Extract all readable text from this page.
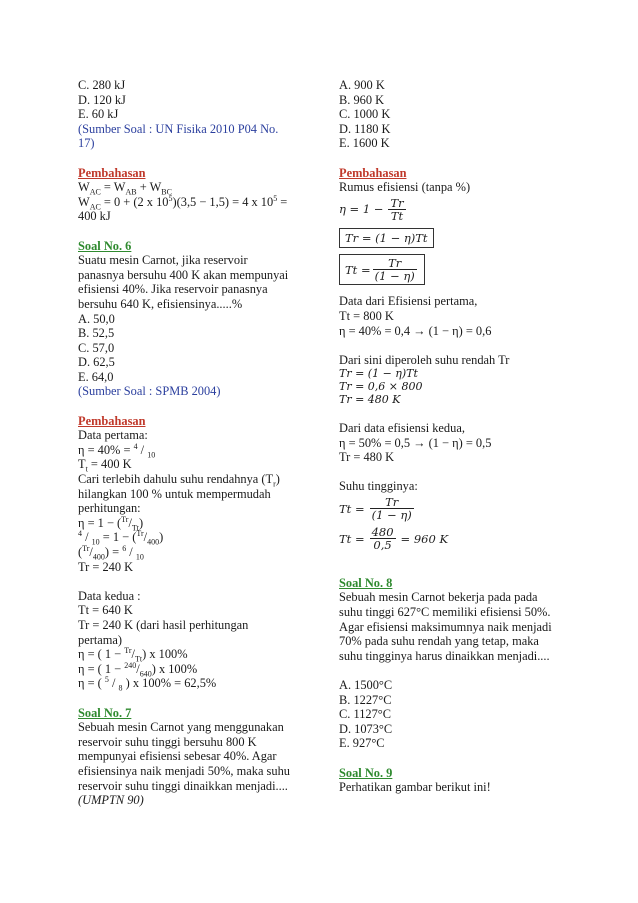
C. 280 kJ
D. 120 kJ
E. 60 kJ
(Sumber Soal : UN Fisika 2010 P04 No.
17)
Pembahasan
$W_{AC} = W_{AB} + W_{BC}$
$W_{AC} = 0 + (2$ x $10^5)(3,5 - 1,5) = 4$ x $10^5$ =
400 kJ
Soal No. 6
Suatu mesin Carnot, jika reservoir
panasnya bersuhu 400 K akan mempunyai
efisiensi 40%. Jika reservoir panasnya
bersuhu 640 K, efisiensinya.....%
A. 50,0
B. 52,5
C. 57,0
D. 62,5
E. 64,0
(Sumber Soal : SPMB 2004)
Pembahasan
Data pertama:
η = 40% = $^4$ / $_{10}$
$T_t = 400$ K
Cari terlebih dahulu suhu rendahnya $(T_r)$
hilangkan 100 % untuk mempermudah
perhitungan:
$\eta = 1 - (^{Tr}/_{Tt})$
$^4 / _{10} = 1 - (^{Tr}/_{400})$
$(^{Tr}/_{400}) = ^6 / _{10}$
Tr = 240 K
Data kedua :
Tt = 640 K
Tr = 240 K (dari hasil perhitungan
pertama)
η = ( $1 - ^{Tr}/_{Tt}$) x 100%
η = ( $1 - ^{240}/_{640}$) x 100%
η = ( $^5$ / $_8$ ) x 100% = 62,5%
Soal No. 7
Sebuah mesin Carnot yang menggunakan
reservoir suhu tinggi bersuhu 800 K
mempunyai efisiensi sebesar 40%. Agar
efisiensinya naik menjadi 50%, maka suhu
reservoir suhu tinggi dinaikkan menjadi....
(UMPTN 90)
A. 900 K
B. 960 K
C. 1000 K
D. 1180 K
E. 1600 K
Pembahasan
Rumus efisiensi (tanpa %)
$\eta = 1 - \frac{Tr}{Tt}$
Tr = (1 − η)Tt
$Tt = \frac{Tr}{(1 - \eta)}$
Data dari Efisiensi pertama,
Tt = 800 K
η = 40% = 0,4 → (1 − η) = 0,6
Dari sini diperoleh suhu rendah Tr
Tr = (1 − η)Tt
Tr = 0,6 × 800
Tr = 480 K
Dari data efisiensi kedua,
η = 50% = 0,5 → (1 − η) = 0,5
Tr = 480 K
Suhu tingginya:
$Tt = \frac{Tr}{(1 - \eta)}$
$Tt = \frac{480}{0,5} = 960$ K
Soal No. 8
Sebuah mesin Carnot bekerja pada pada
suhu tinggi 627°C memiliki efisiensi 50%.
Agar efisiensi maksimumnya naik menjadi
70% pada suhu rendah yang tetap, maka
suhu tingginya harus dinaikkan menjadi....
A. 1500°C
B. 1227°C
C. 1127°C
D. 1073°C
E. 927°C
Soal No. 9
Perhatikan gambar berikut ini!
